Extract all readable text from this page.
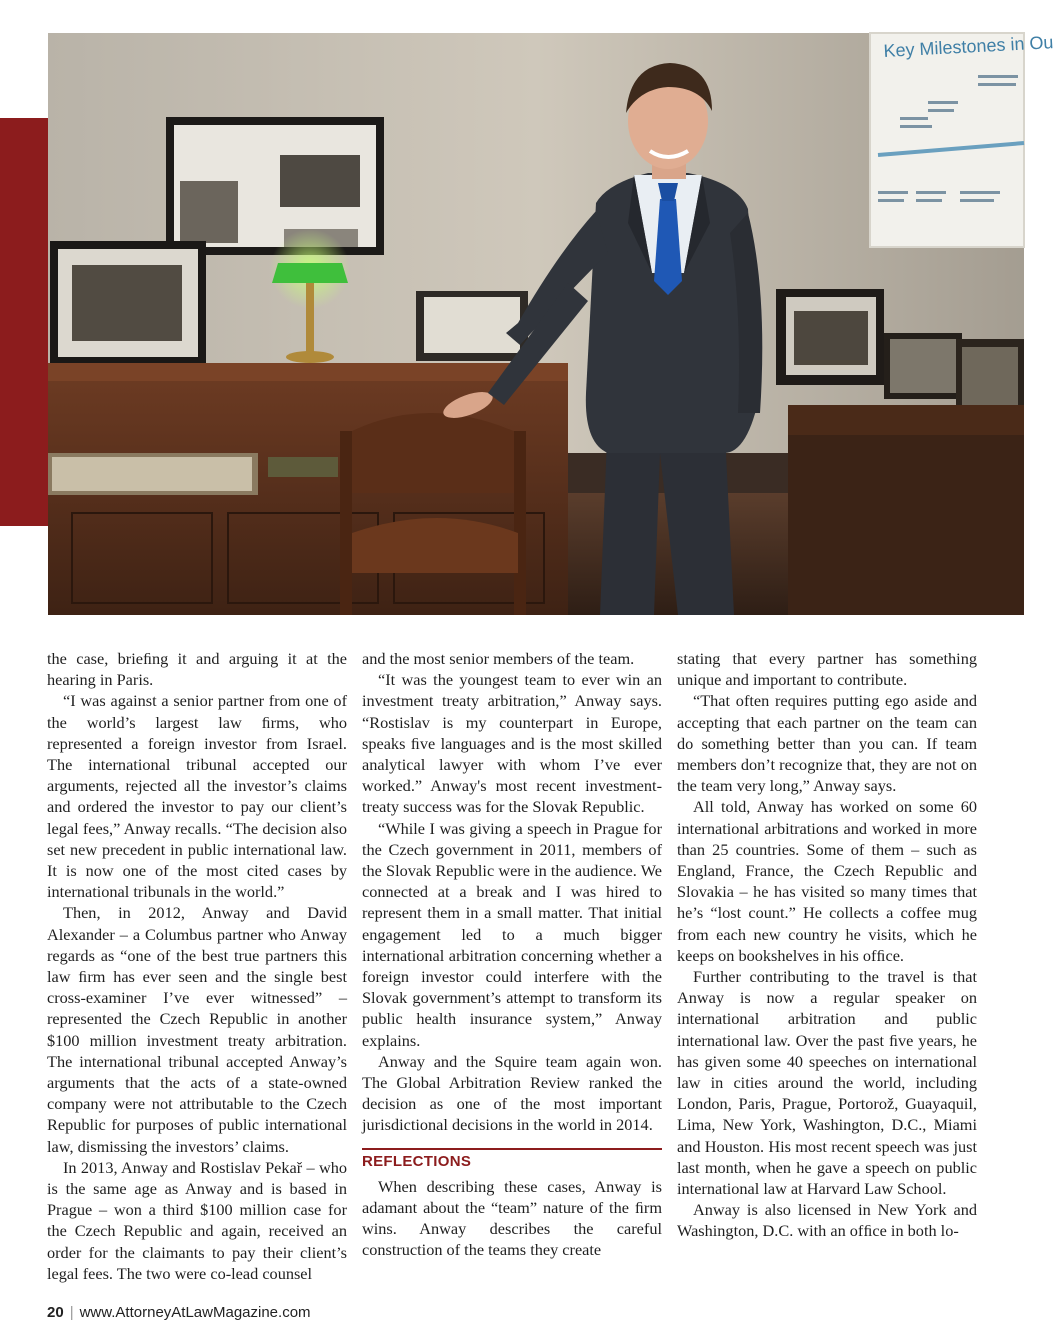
Key Milestones in Ou

the case, brieﬁng it and arguing it at the hearing in Paris.

“I was against a senior partner from one of the world’s largest law ﬁrms, who represented a foreign investor from Israel. The international tribunal accepted our arguments, rejected all the investor’s claims and ordered the investor to pay our client’s legal fees,” Anway recalls. “The decision also set new precedent in public international law. It is now one of the most cited cases by international tribunals in the world.”

Then, in 2012, Anway and David Alexander – a Columbus partner who Anway regards as “one of the best true partners this law ﬁrm has ever seen and the single best cross-examiner I’ve ever witnessed” – represented the Czech Republic in another $100 million investment treaty arbitration. The international tribunal accepted Anway’s arguments that the acts of a state-owned company were not attributable to the Czech Republic for purposes of public international law, dismissing the investors’ claims.

In 2013, Anway and Rostislav Pekař – who is the same age as Anway and is based in Prague – won a third $100 million case for the Czech Republic and again, received an order for the claimants to pay their client’s legal fees. The two were co-lead counsel

and the most senior members of the team.

“It was the youngest team to ever win an investment treaty arbitration,” Anway says. “Rostislav is my counterpart in Europe, speaks ﬁve languages and is the most skilled analytical lawyer with whom I’ve ever worked.” Anway's most recent investment-treaty success was for the Slovak Republic.

“While I was giving a speech in Prague for the Czech government in 2011, members of the Slovak Republic were in the audience. We connected at a break and I was hired to represent them in a small matter. That initial engagement led to a much bigger international arbitration concerning whether a foreign investor could interfere with the Slovak government’s attempt to transform its public health insurance system,” Anway explains.

Anway and the Squire team again won. The Global Arbitration Review ranked the decision as one of the most important jurisdictional decisions in the world in 2014.

REFLECTIONS

When describing these cases, Anway is adamant about the “team” nature of the ﬁrm wins. Anway describes the careful construction of the teams they create

stating that every partner has something unique and important to contribute.

“That often requires putting ego aside and accepting that each partner on the team can do something better than you can. If team members don’t recognize that, they are not on the team very long,” Anway says.

All told, Anway has worked on some 60 international arbitrations and worked in more than 25 countries. Some of them – such as England, France, the Czech Republic and Slovakia – he has visited so many times that he’s “lost count.” He collects a coffee mug from each new country he visits, which he keeps on bookshelves in his ofﬁce.

Further contributing to the travel is that Anway is now a regular speaker on international arbitration and public international law. Over the past ﬁve years, he has given some 40 speeches on international law in cities around the world, including London, Paris, Prague, Portorož, Guayaquil, Lima, New York, Washington, D.C., Miami and Houston. His most recent speech was just last month, when he gave a speech on public international law at Harvard Law School.

Anway is also licensed in New York and Washington, D.C. with an ofﬁce in both lo-

20 | www.AttorneyAtLawMagazine.com
